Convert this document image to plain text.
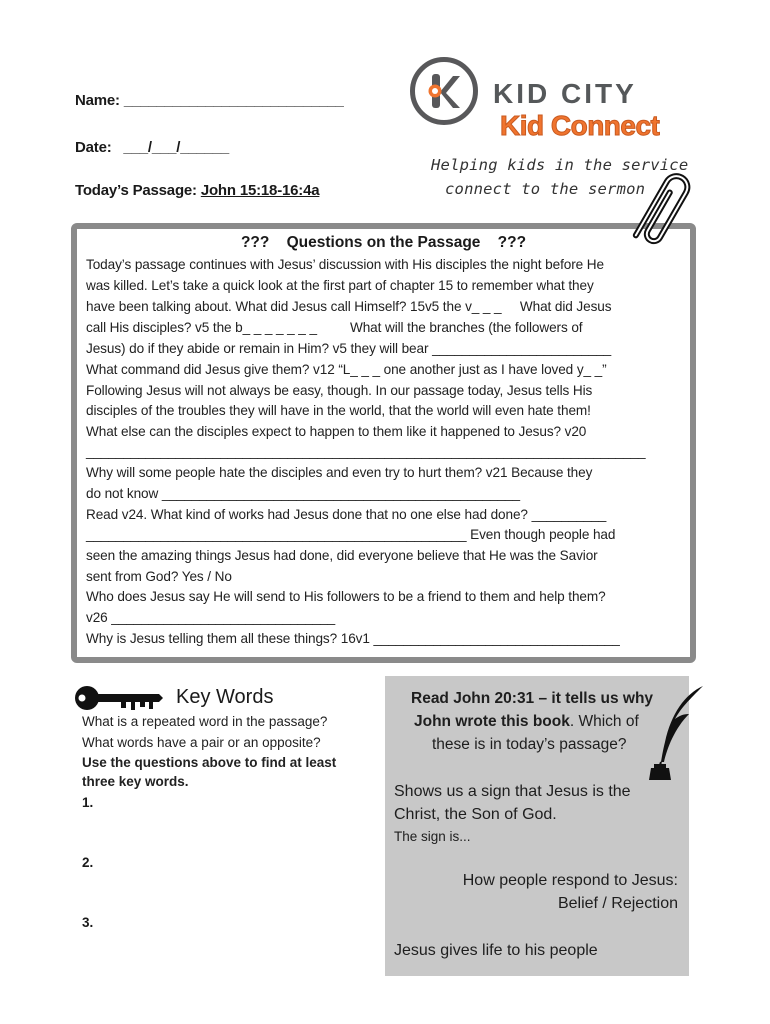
Name: ___________________________
Date: ___/___/______
Today’s Passage: John 15:18-16:4a
KID CITY
Kid Connect
Helping kids in the service
connect to the sermon
???    Questions on the Passage    ???
Today’s passage continues with Jesus’ discussion with His disciples the night before He
was killed. Let’s take a quick look at the first part of chapter 15 to remember what they
have been talking about. What did Jesus call Himself? 15v5 the v_ _ _     What did Jesus
call His disciples? v5 the b_ _ _ _ _ _ _         What will the branches (the followers of
Jesus) do if they abide or remain in Him? v5 they will bear ________________________
What command did Jesus give them? v12 “L_ _ _ one another just as I have loved y_ _”
Following Jesus will not always be easy, though. In our passage today, Jesus tells His
disciples of the troubles they will have in the world, that the world will even hate them!
What else can the disciples expect to happen to them like it happened to Jesus? v20
___________________________________________________________________________
Why will some people hate the disciples and even try to hurt them? v21 Because they
do not know ________________________________________________
Read v24. What kind of works had Jesus done that no one else had done? __________
___________________________________________________ Even though people had
seen the amazing things Jesus had done, did everyone believe that He was the Savior
sent from God? Yes / No
Who does Jesus say He will send to His followers to be a friend to them and help them?
v26 ______________________________
Why is Jesus telling them all these things? 16v1 _________________________________
Key Words
What is a repeated word in the passage?
What words have a pair or an opposite?
Use the questions above to find at least
three key words.
1.
2.
3.
Read John 20:31 – it tells us why
John wrote this book. Which of
these is in today’s passage?
Shows us a sign that Jesus is the
Christ, the Son of God.
The sign is...
How people respond to Jesus:
Belief / Rejection
Jesus gives life to his people
